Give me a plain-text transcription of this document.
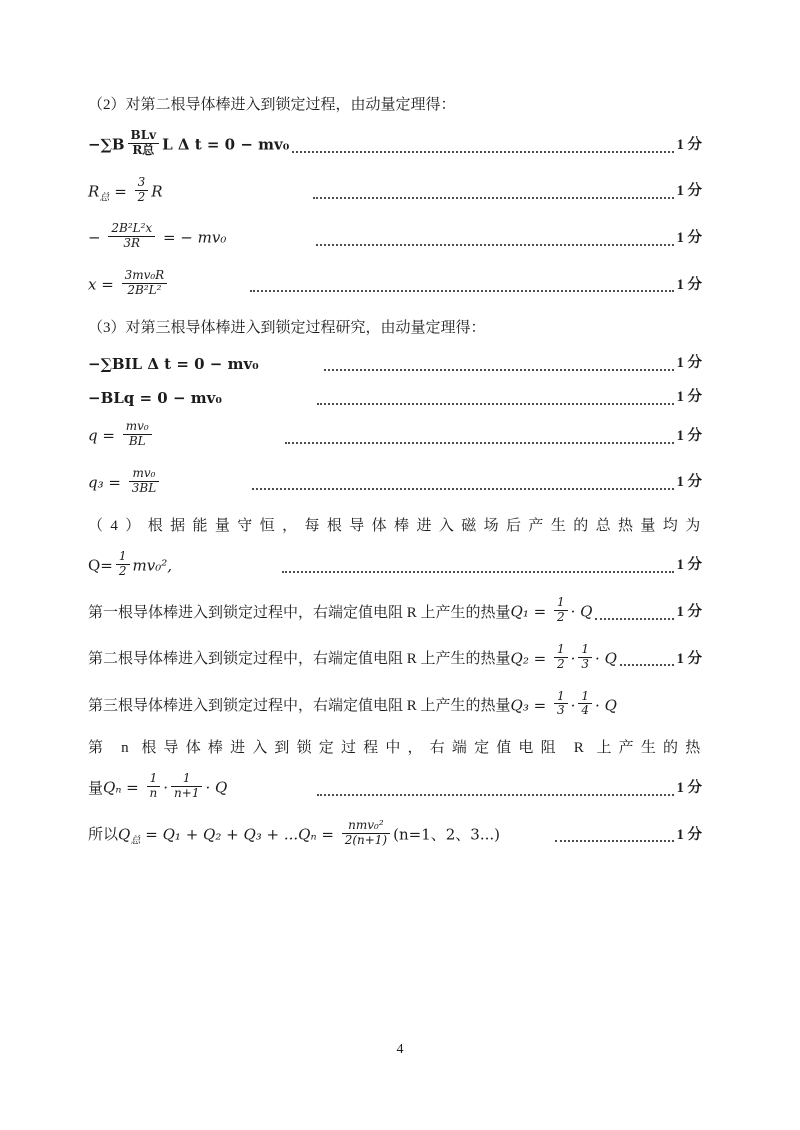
（2）对第二根导体棒进入到锁定过程，由动量定理得：

$-\sum B \frac{\text{BLv}}{\text{R总}}$ L Δ t = 0 − mv₀	1 分
$R_总 = \frac{3}{2}$ R	1 分
− $\frac{\text{2B²L²x}}{3R}$ = − mv₀	1 分
$x = \frac{\text{3mv₀R}}{\text{2B²L²}}$	1 分

（3）对第三根导体棒进入到锁定过程研究，由动量定理得：

−∑BIL Δ t = 0 − mv₀	1 分
−BLq = 0 − mv₀	1 分
$q = \frac{\text{mv₀}}{BL}$	1 分
$q_3 = \frac{\text{mv₀}}{3BL}$	1 分

（4）根据能量守恒，每根导体棒进入磁场后产生的总热量均为

$Q= \frac{1}{2} mv_0^2$,	1 分
第一根导体棒进入到锁定过程中，右端定值电阻 R 上产生的热量 $Q_1 = \frac{1}{2} \cdot Q$	1 分
第二根导体棒进入到锁定过程中，右端定值电阻 R 上产生的热量 $Q_2 = \frac{1}{2} \cdot \frac{1}{3} \cdot Q$	1 分
第三根导体棒进入到锁定过程中，右端定值电阻 R 上产生的热量 $Q_3 = \frac{1}{3} \cdot \frac{1}{4} \cdot Q$

第 n 根导体棒进入到锁定过程中，右端定值电阻 R 上产生的热

量 $Q_n = \frac{1}{n} \cdot \frac{1}{n+1} \cdot Q$	1 分
所以 $Q_总 = Q_1 + Q_2 + Q_3 + ...Q_n = \frac{\text{nmv₀²}}{2(n+1)} (n=1$、2、3...)	1 分
4
